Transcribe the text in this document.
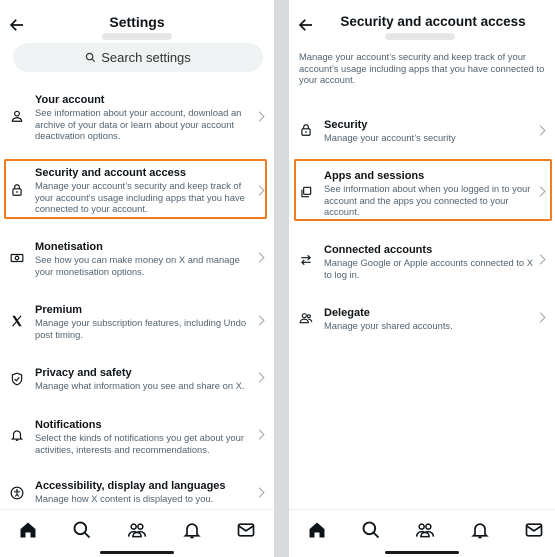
Settings
Search settings
Your account
See information about your account, download an archive of your data or learn about your account deactivation options.
Security and account access
Manage your account’s security and keep track of your account’s usage including apps that you have connected to your account.
Monetisation
See how you can make money on X and manage your monetisation options.
Premium
Manage your subscription features, including Undo post timing.
Privacy and safety
Manage what information you see and share on X.
Notifications
Select the kinds of notifications you get about your activities, interests and recommendations.
Accessibility, display and languages
Manage how X content is displayed to you.
Security and account access
Manage your account’s security and keep track of your account’s usage including apps that you have connected to your account.
Security
Manage your account’s security
Apps and sessions
See information about when you logged in to your account and the apps you connected to your account.
Connected accounts
Manage Google or Apple accounts connected to X to log in.
Delegate
Manage your shared accounts.
